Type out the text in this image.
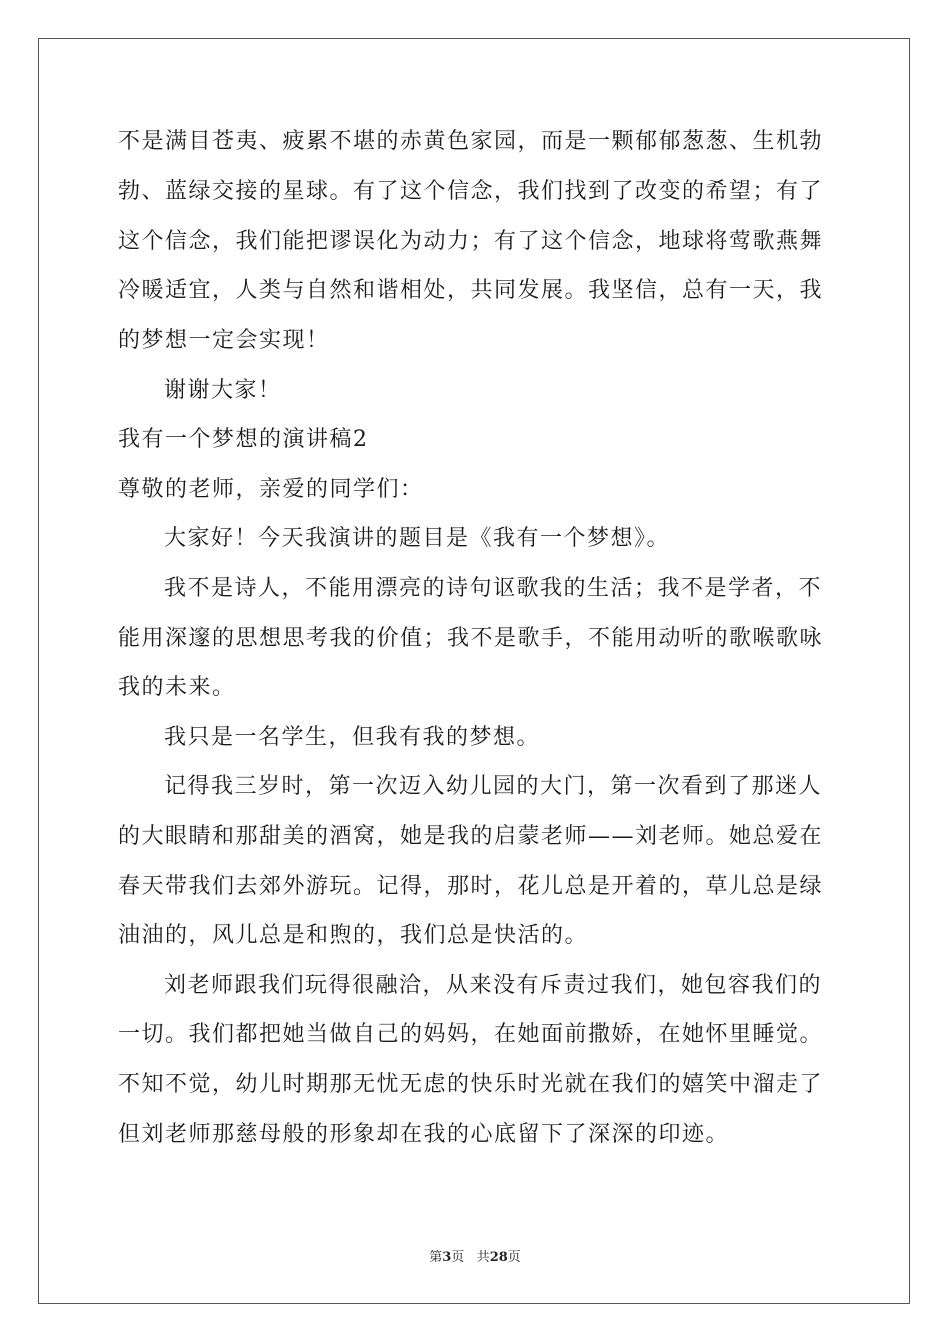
不是满目苍夷、疲累不堪的赤黄色家园，而是一颗郁郁葱葱、生机勃
勃、蓝绿交接的星球。有了这个信念，我们找到了改变的希望；有了
这个信念，我们能把谬误化为动力；有了这个信念，地球将莺歌燕舞
冷暖适宜，人类与自然和谐相处，共同发展。我坚信，总有一天，我
的梦想一定会实现！
谢谢大家！
我有一个梦想的演讲稿2
尊敬的老师，亲爱的同学们：
大家好！今天我演讲的题目是《我有一个梦想》。
我不是诗人，不能用漂亮的诗句讴歌我的生活；我不是学者，不
能用深邃的思想思考我的价值；我不是歌手，不能用动听的歌喉歌咏
我的未来。
我只是一名学生，但我有我的梦想。
记得我三岁时，第一次迈入幼儿园的大门，第一次看到了那迷人
的大眼睛和那甜美的酒窝，她是我的启蒙老师——刘老师。她总爱在
春天带我们去郊外游玩。记得，那时，花儿总是开着的，草儿总是绿
油油的，风儿总是和煦的，我们总是快活的。
刘老师跟我们玩得很融洽，从来没有斥责过我们，她包容我们的
一切。我们都把她当做自己的妈妈，在她面前撒娇，在她怀里睡觉。
不知不觉，幼儿时期那无忧无虑的快乐时光就在我们的嬉笑中溜走了
但刘老师那慈母般的形象却在我的心底留下了深深的印迹。
第3页 共28页
